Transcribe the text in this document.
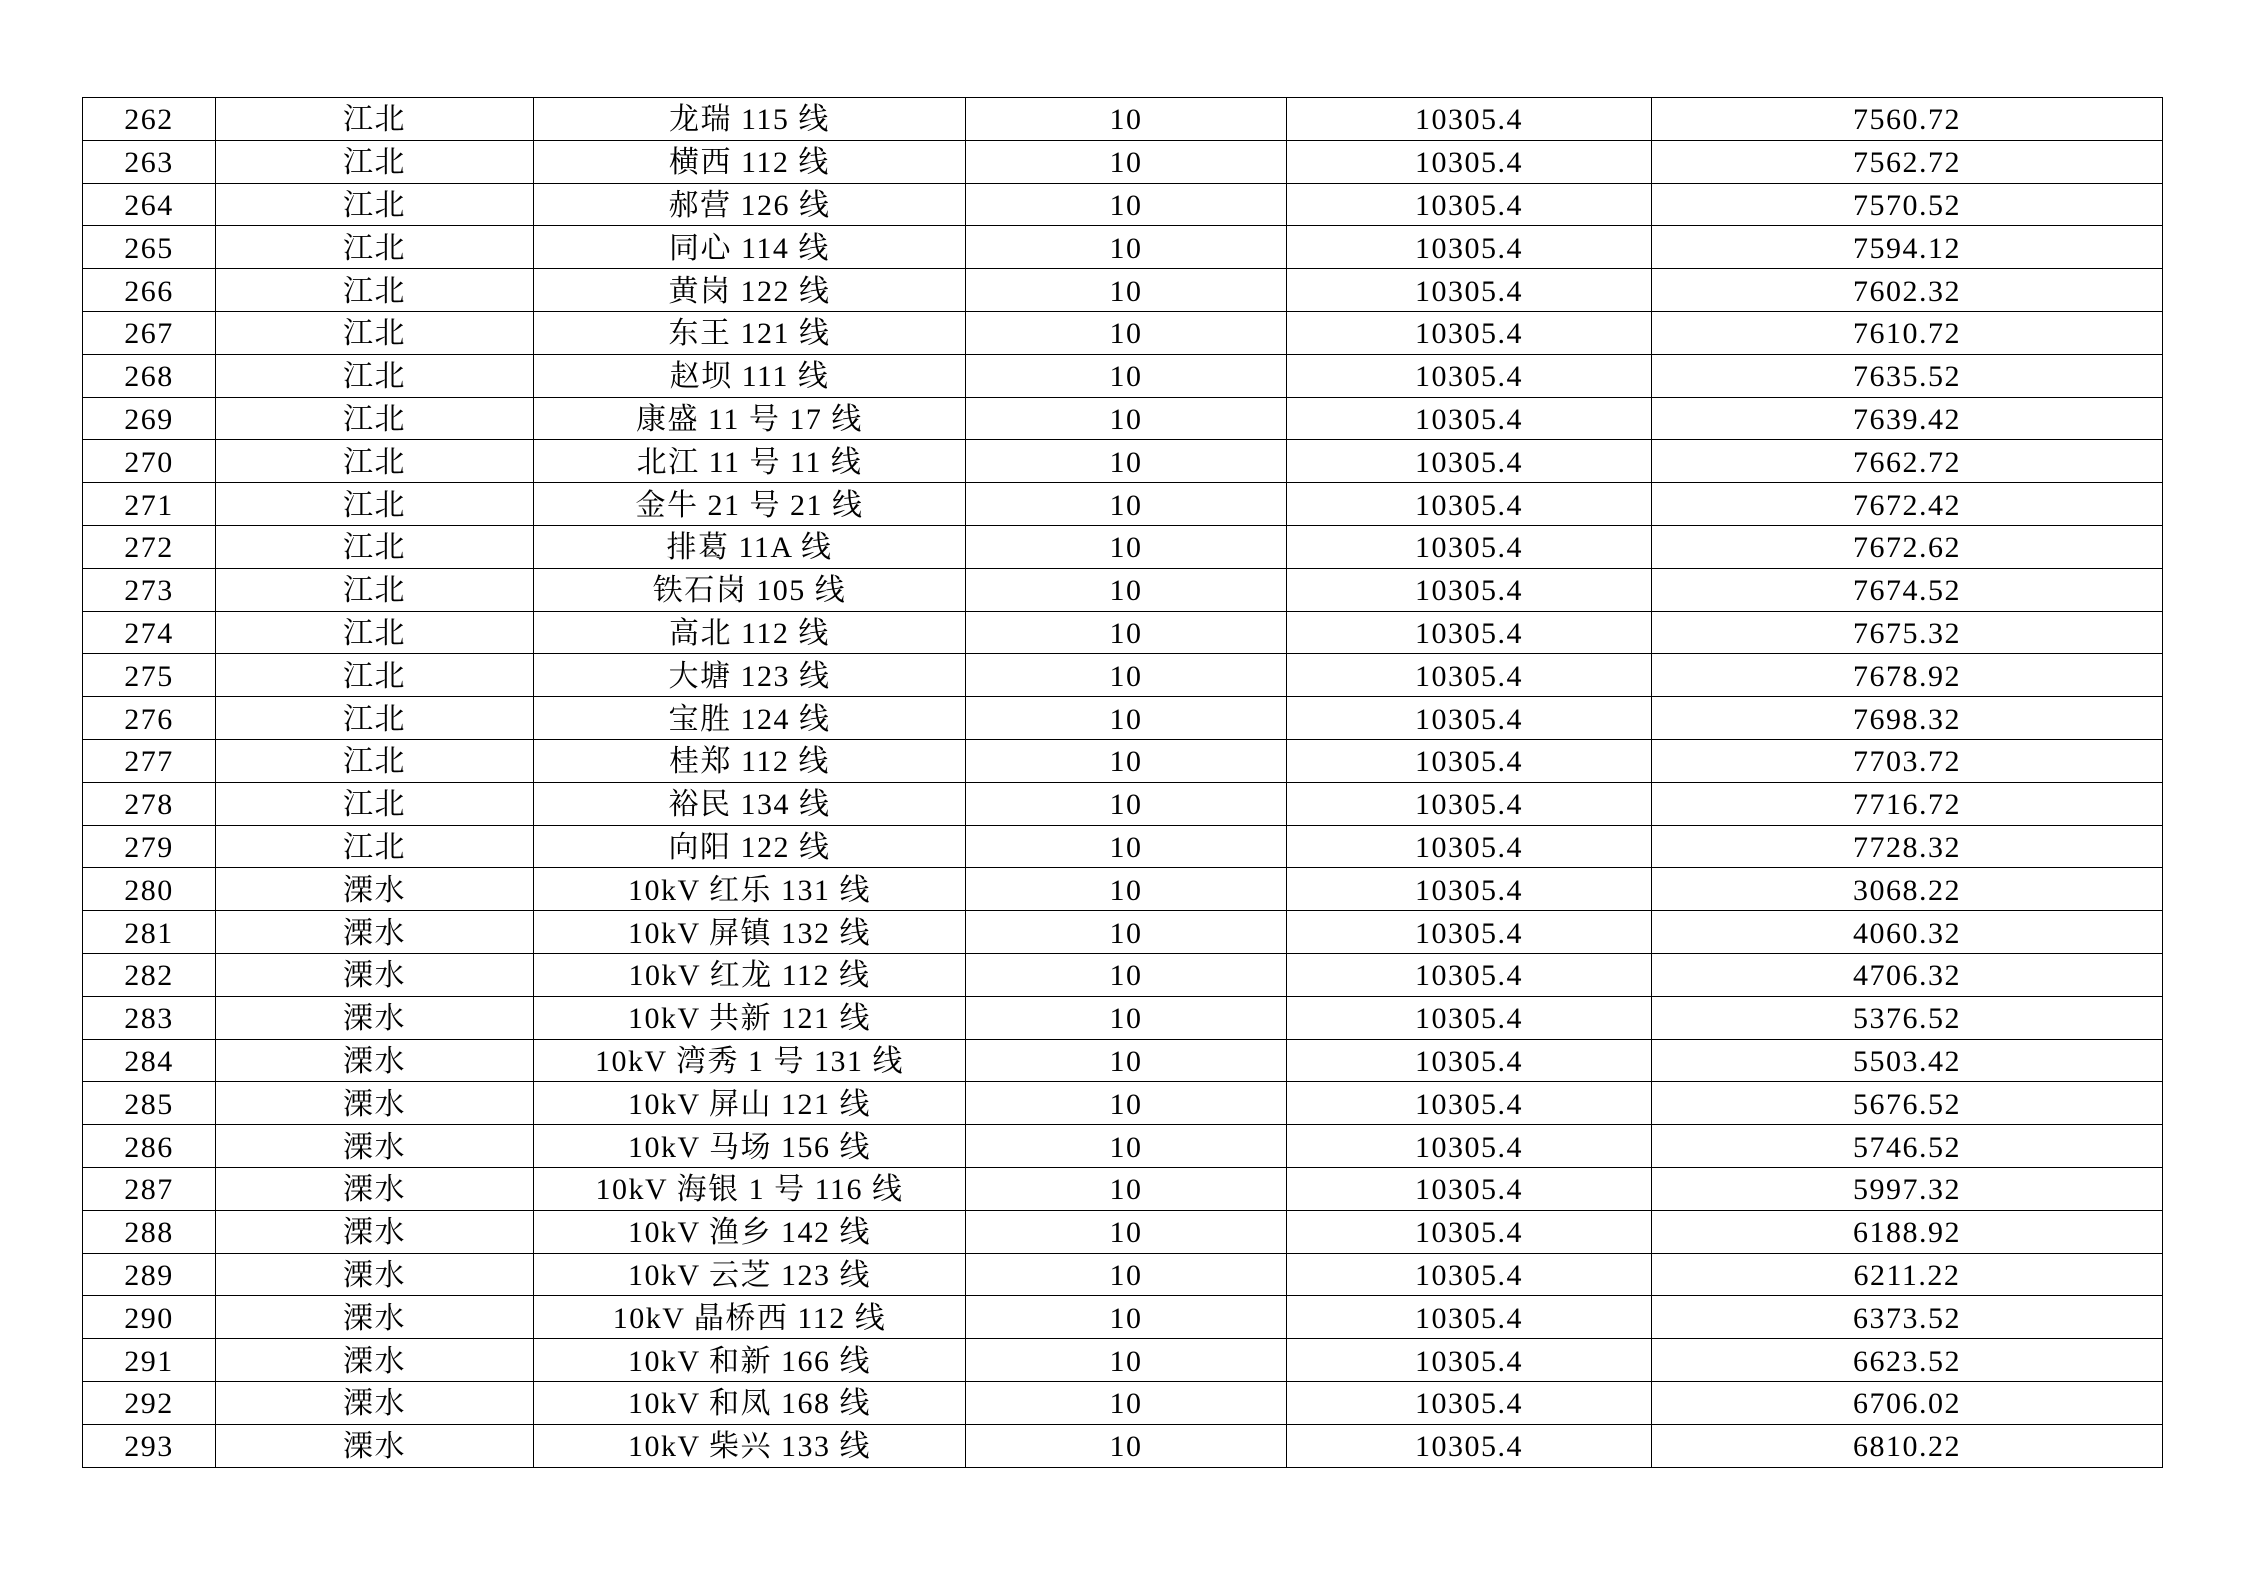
262	江北	龙瑞 115 线	10	10305.4	7560.72
263	江北	横西 112 线	10	10305.4	7562.72
264	江北	郝营 126 线	10	10305.4	7570.52
265	江北	同心 114 线	10	10305.4	7594.12
266	江北	黄岗 122 线	10	10305.4	7602.32
267	江北	东王 121 线	10	10305.4	7610.72
268	江北	赵坝 111 线	10	10305.4	7635.52
269	江北	康盛 11 号 17 线	10	10305.4	7639.42
270	江北	北江 11 号 11 线	10	10305.4	7662.72
271	江北	金牛 21 号 21 线	10	10305.4	7672.42
272	江北	排葛 11A 线	10	10305.4	7672.62
273	江北	铁石岗 105 线	10	10305.4	7674.52
274	江北	高北 112 线	10	10305.4	7675.32
275	江北	大塘 123 线	10	10305.4	7678.92
276	江北	宝胜 124 线	10	10305.4	7698.32
277	江北	桂郑 112 线	10	10305.4	7703.72
278	江北	裕民 134 线	10	10305.4	7716.72
279	江北	向阳 122 线	10	10305.4	7728.32
280	溧水	10kV 红乐 131 线	10	10305.4	3068.22
281	溧水	10kV 屏镇 132 线	10	10305.4	4060.32
282	溧水	10kV 红龙 112 线	10	10305.4	4706.32
283	溧水	10kV 共新 121 线	10	10305.4	5376.52
284	溧水	10kV 湾秀 1 号 131 线	10	10305.4	5503.42
285	溧水	10kV 屏山 121 线	10	10305.4	5676.52
286	溧水	10kV 马场 156 线	10	10305.4	5746.52
287	溧水	10kV 海银 1 号 116 线	10	10305.4	5997.32
288	溧水	10kV 渔乡 142 线	10	10305.4	6188.92
289	溧水	10kV 云芝 123 线	10	10305.4	6211.22
290	溧水	10kV 晶桥西 112 线	10	10305.4	6373.52
291	溧水	10kV 和新 166 线	10	10305.4	6623.52
292	溧水	10kV 和凤 168 线	10	10305.4	6706.02
293	溧水	10kV 柴兴 133 线	10	10305.4	6810.22
